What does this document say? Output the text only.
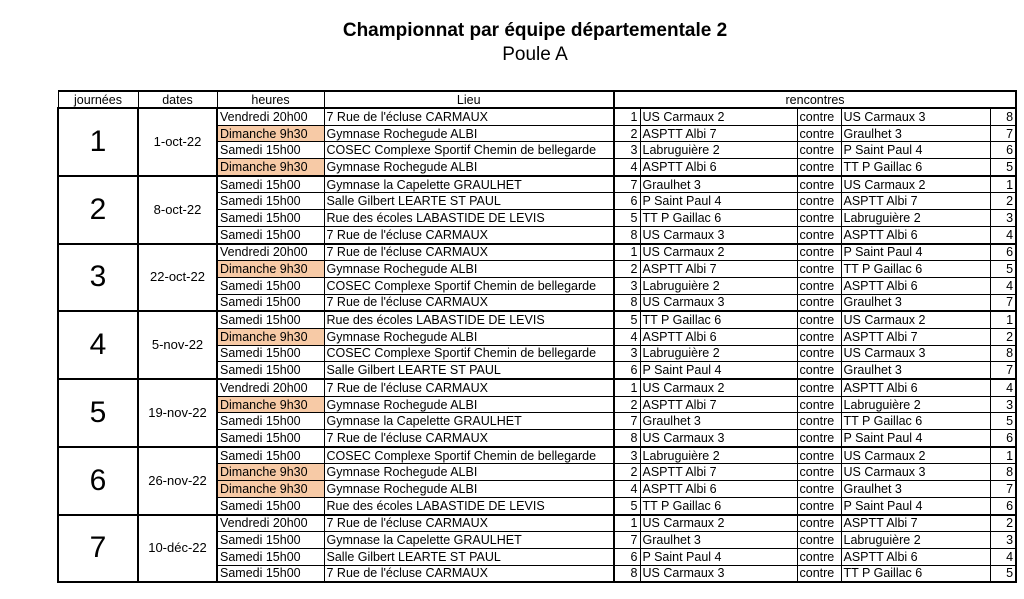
Championnat par équipe départementale 2
Poule A
journées	dates	heures	Lieu	rencontres				
1	1-oct-22	Vendredi 20h00	7 Rue de l'écluse CARMAUX	1	US Carmaux 2	contre	US Carmaux 3	8
		Dimanche 9h30	Gymnase Rochegude ALBI	2	ASPTT Albi 7	contre	Graulhet 3	7
		Samedi 15h00	COSEC Complexe Sportif Chemin de bellegarde	3	Labruguière 2	contre	P Saint Paul 4	6
		Dimanche 9h30	Gymnase Rochegude ALBI	4	ASPTT Albi 6	contre	TT P Gaillac 6	5
2	8-oct-22	Samedi 15h00	Gymnase la Capelette GRAULHET	7	Graulhet 3	contre	US Carmaux 2	1
		Samedi 15h00	Salle Gilbert LEARTE ST PAUL	6	P Saint Paul 4	contre	ASPTT Albi 7	2
		Samedi 15h00	Rue des écoles LABASTIDE DE LEVIS	5	TT P Gaillac 6	contre	Labruguière 2	3
		Samedi 15h00	7 Rue de l'écluse CARMAUX	8	US Carmaux 3	contre	ASPTT Albi 6	4
3	22-oct-22	Vendredi 20h00	7 Rue de l'écluse CARMAUX	1	US Carmaux 2	contre	P Saint Paul 4	6
		Dimanche 9h30	Gymnase Rochegude ALBI	2	ASPTT Albi 7	contre	TT P Gaillac 6	5
		Samedi 15h00	COSEC Complexe Sportif Chemin de bellegarde	3	Labruguière 2	contre	ASPTT Albi 6	4
		Samedi 15h00	7 Rue de l'écluse CARMAUX	8	US Carmaux 3	contre	Graulhet 3	7
4	5-nov-22	Samedi 15h00	Rue des écoles LABASTIDE DE LEVIS	5	TT P Gaillac 6	contre	US Carmaux 2	1
		Dimanche 9h30	Gymnase Rochegude ALBI	4	ASPTT Albi 6	contre	ASPTT Albi 7	2
		Samedi 15h00	COSEC Complexe Sportif Chemin de bellegarde	3	Labruguière 2	contre	US Carmaux 3	8
		Samedi 15h00	Salle Gilbert LEARTE ST PAUL	6	P Saint Paul 4	contre	Graulhet 3	7
5	19-nov-22	Vendredi 20h00	7 Rue de l'écluse CARMAUX	1	US Carmaux 2	contre	ASPTT Albi 6	4
		Dimanche 9h30	Gymnase Rochegude ALBI	2	ASPTT Albi 7	contre	Labruguière 2	3
		Samedi 15h00	Gymnase la Capelette GRAULHET	7	Graulhet 3	contre	TT P Gaillac 6	5
		Samedi 15h00	7 Rue de l'écluse CARMAUX	8	US Carmaux 3	contre	P Saint Paul 4	6
6	26-nov-22	Samedi 15h00	COSEC Complexe Sportif Chemin de bellegarde	3	Labruguière 2	contre	US Carmaux 2	1
		Dimanche 9h30	Gymnase Rochegude ALBI	2	ASPTT Albi 7	contre	US Carmaux 3	8
		Dimanche 9h30	Gymnase Rochegude ALBI	4	ASPTT Albi 6	contre	Graulhet 3	7
		Samedi 15h00	Rue des écoles LABASTIDE DE LEVIS	5	TT P Gaillac 6	contre	P Saint Paul 4	6
7	10-déc-22	Vendredi 20h00	7 Rue de l'écluse CARMAUX	1	US Carmaux 2	contre	ASPTT Albi 7	2
		Samedi 15h00	Gymnase la Capelette GRAULHET	7	Graulhet 3	contre	Labruguière 2	3
		Samedi 15h00	Salle Gilbert LEARTE ST PAUL	6	P Saint Paul 4	contre	ASPTT Albi 6	4
		Samedi 15h00	7 Rue de l'écluse CARMAUX	8	US Carmaux 3	contre	TT P Gaillac 6	5
